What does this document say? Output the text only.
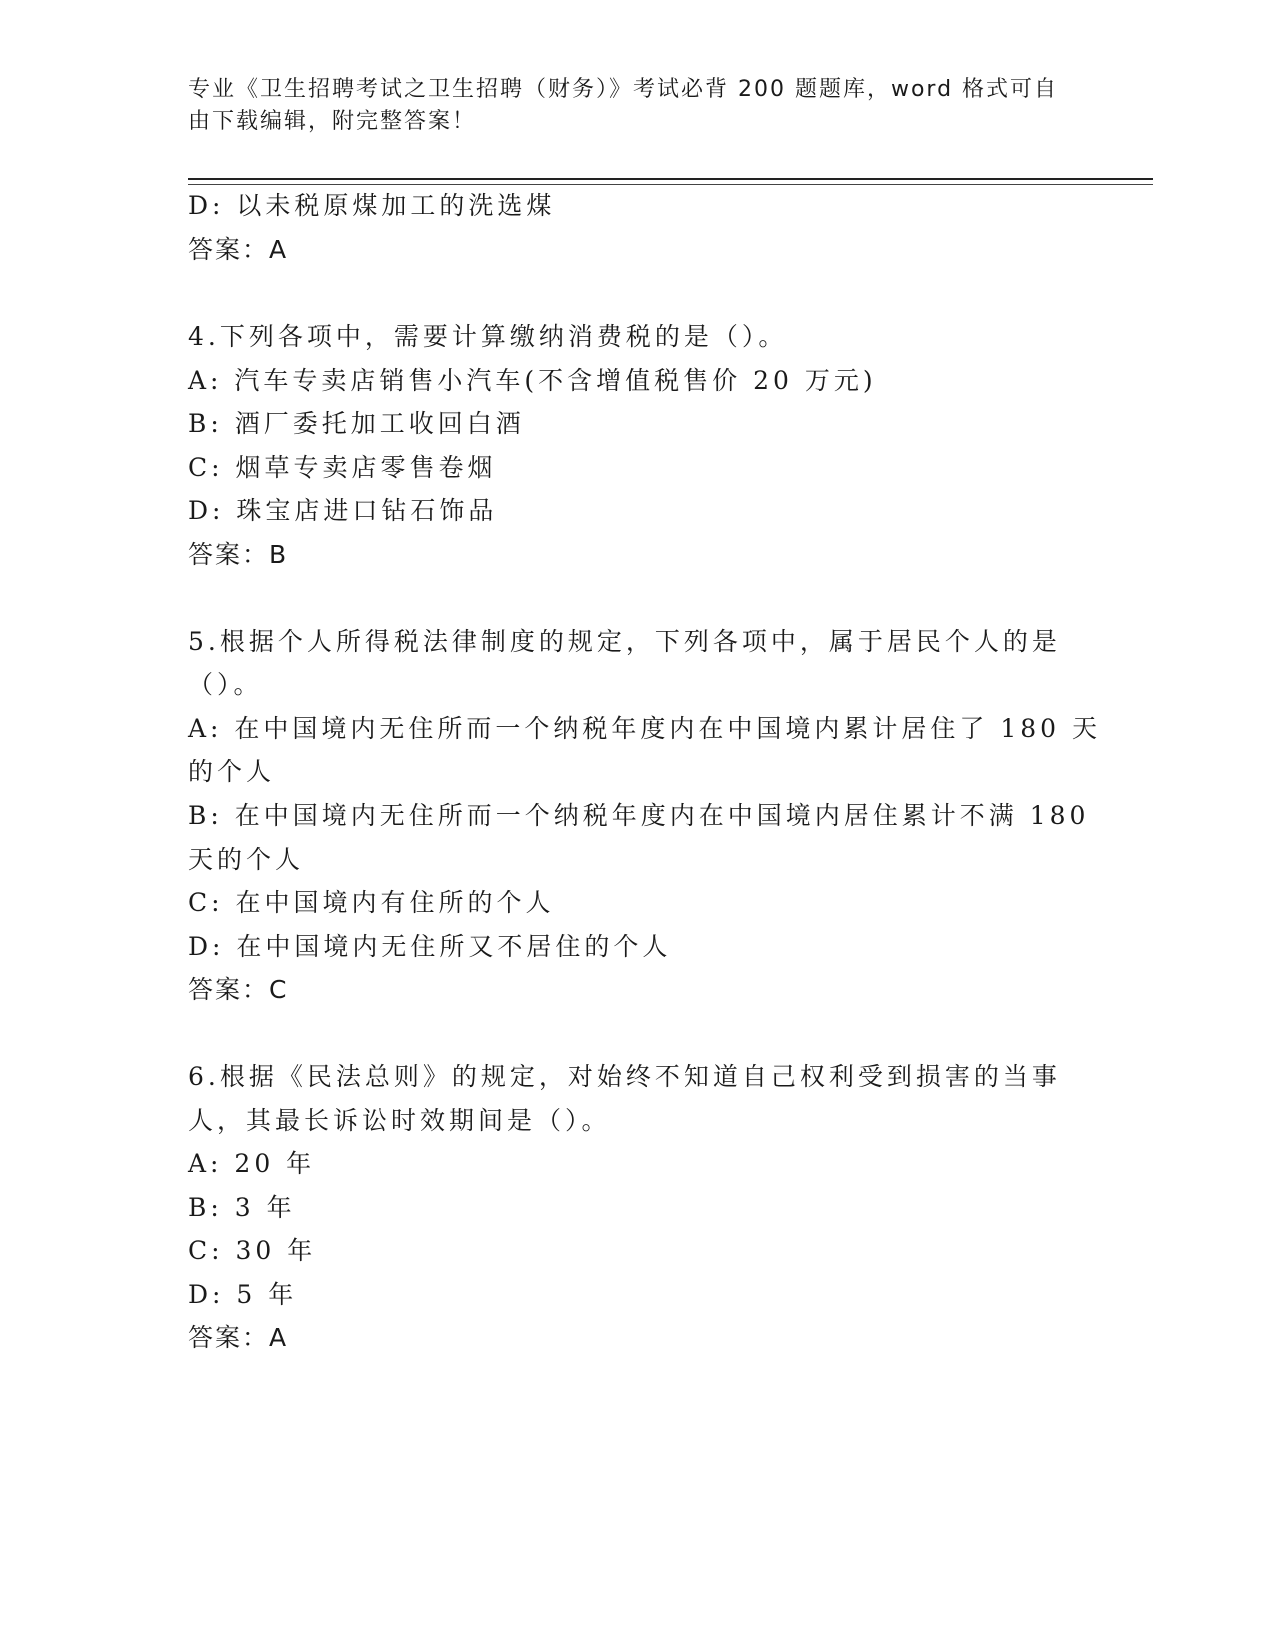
专业《卫生招聘考试之卫生招聘（财务）》考试必背 200 题题库，word 格式可自
由下载编辑，附完整答案！
D: 以未税原煤加工的洗选煤
答案：A
4.下列各项中，需要计算缴纳消费税的是（）。
A: 汽车专卖店销售小汽车(不含增值税售价 20 万元)
B: 酒厂委托加工收回白酒
C: 烟草专卖店零售卷烟
D: 珠宝店进口钻石饰品
答案：B
5.根据个人所得税法律制度的规定，下列各项中，属于居民个人的是
（）。
A: 在中国境内无住所而一个纳税年度内在中国境内累计居住了 180 天
的个人
B: 在中国境内无住所而一个纳税年度内在中国境内居住累计不满 180
天的个人
C: 在中国境内有住所的个人
D: 在中国境内无住所又不居住的个人
答案：C
6.根据《民法总则》的规定，对始终不知道自己权利受到损害的当事
人，其最长诉讼时效期间是（）。
A: 20 年
B: 3 年
C: 30 年
D: 5 年
答案：A
